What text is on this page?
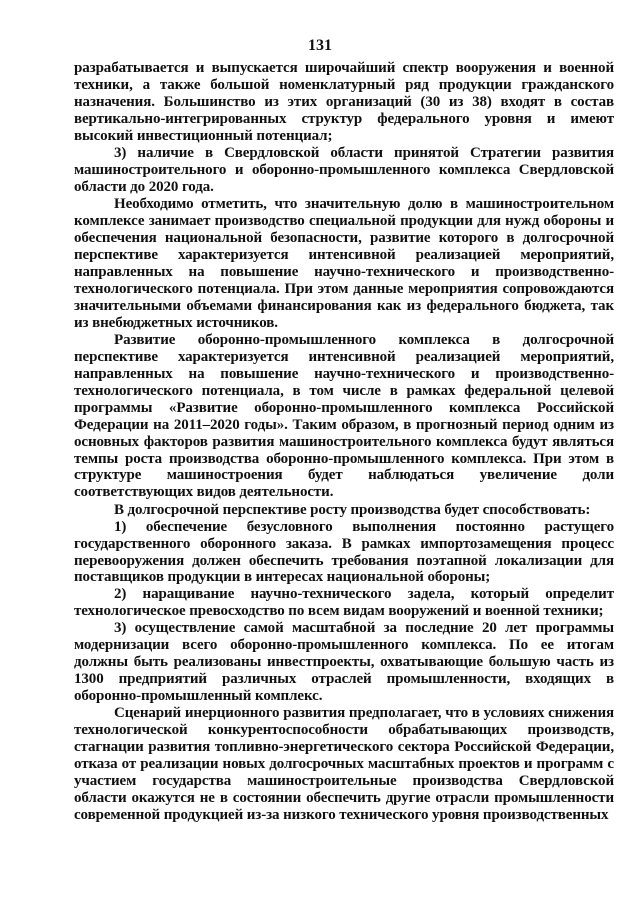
131

разрабатывается и выпускается широчайший спектр вооружения и военной техники, а также большой номенклатурный ряд продукции гражданского назначения. Большинство из этих организаций (30 из 38) входят в состав вертикально-интегрированных структур федерального уровня и имеют высокий инвестиционный потенциал;

3) наличие в Свердловской области принятой Стратегии развития машиностроительного и оборонно-промышленного комплекса Свердловской области до 2020 года.

Необходимо отметить, что значительную долю в машиностроительном комплексе занимает производство специальной продукции для нужд обороны и обеспечения национальной безопасности, развитие которого в долгосрочной перспективе характеризуется интенсивной реализацией мероприятий, направленных на повышение научно-технического и производственно-технологического потенциала. При этом данные мероприятия сопровождаются значительными объемами финансирования как из федерального бюджета, так из внебюджетных источников.

Развитие оборонно-промышленного комплекса в долгосрочной перспективе характеризуется интенсивной реализацией мероприятий, направленных на повышение научно-технического и производственно-технологического потенциала, в том числе в рамках федеральной целевой программы «Развитие оборонно-промышленного комплекса Российской Федерации на 2011–2020 годы». Таким образом, в прогнозный период одним из основных факторов развития машиностроительного комплекса будут являться темпы роста производства оборонно-промышленного комплекса. При этом в структуре машиностроения будет наблюдаться увеличение доли соответствующих видов деятельности.

В долгосрочной перспективе росту производства будет способствовать:

1) обеспечение безусловного выполнения постоянно растущего государственного оборонного заказа. В рамках импортозамещения процесс перевооружения должен обеспечить требования поэтапной локализации для поставщиков продукции в интересах национальной обороны;

2) наращивание научно-технического задела, который определит технологическое превосходство по всем видам вооружений и военной техники;

3) осуществление самой масштабной за последние 20 лет программы модернизации всего оборонно-промышленного комплекса. По ее итогам должны быть реализованы инвестпроекты, охватывающие большую часть из 1300 предприятий различных отраслей промышленности, входящих в оборонно-промышленный комплекс.

Сценарий инерционного развития предполагает, что в условиях снижения технологической конкурентоспособности обрабатывающих производств, стагнации развития топливно-энергетического сектора Российской Федерации, отказа от реализации новых долгосрочных масштабных проектов и программ с участием государства машиностроительные производства Свердловской области окажутся не в состоянии обеспечить другие отрасли промышленности современной продукцией из-за низкого технического уровня производственных
